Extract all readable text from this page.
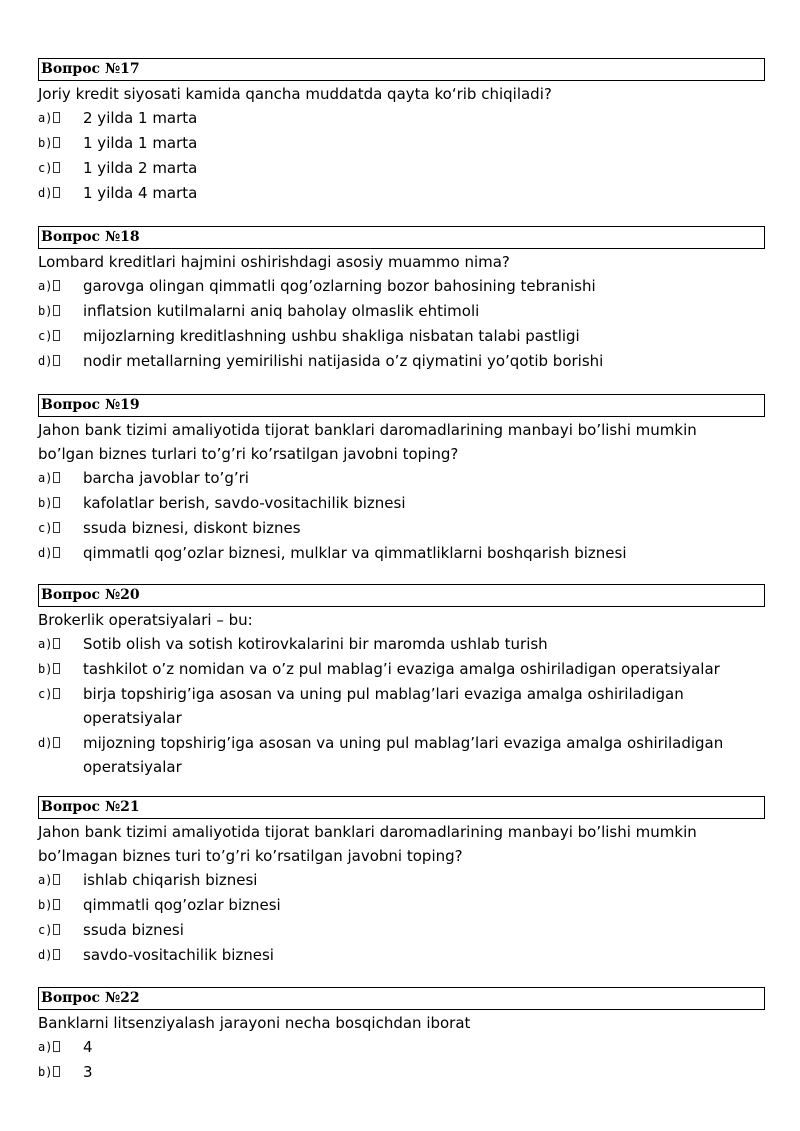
Вопрос №17
Joriy kredit siyosati kamida qancha muddatda qayta ko‘rib chiqiladi?
a)	2 yilda 1 marta
b)	1 yilda 1 marta
c)	1 yilda 2 marta
d)	1 yilda 4 marta
Вопрос №18
Lombard kreditlari hajmini oshirishdagi asosiy muammo nima?
a)	garovga olingan qimmatli qog’ozlarning bozor bahosining tebranishi
b)	inflatsion kutilmalarni aniq baholay olmaslik ehtimoli
c)	mijozlarning kreditlashning ushbu shakliga nisbatan talabi pastligi
d)	nodir metallarning yemirilishi natijasida o’z qiymatini yo’qotib borishi
Вопрос №19
Jahon bank tizimi amaliyotida tijorat banklari daromadlarining manbayi bo’lishi mumkin bo’lgan biznes turlari to’g’ri ko’rsatilgan javobni toping?
a)	barcha javoblar to’g’ri
b)	kafolatlar berish, savdo-vositachilik biznesi
c)	ssuda biznesi, diskont biznes
d)	qimmatli qog’ozlar biznesi, mulklar va qimmatliklarni boshqarish biznesi
Вопрос №20
Brokerlik operatsiyalari – bu:
a)	Sotib olish va sotish kotirovkalarini bir maromda ushlab turish
b)	tashkilot o’z nomidan va o’z pul mablag’i evaziga amalga oshiriladigan operatsiyalar
c)	birja topshirig’iga asosan va uning pul mablag’lari evaziga amalga oshiriladigan operatsiyalar
d)	mijozning topshirig’iga asosan va uning pul mablag’lari evaziga amalga oshiriladigan operatsiyalar
Вопрос №21
Jahon bank tizimi amaliyotida tijorat banklari daromadlarining manbayi bo’lishi mumkin bo’lmagan biznes turi to’g’ri ko’rsatilgan javobni toping?
a)	ishlab chiqarish biznesi
b)	qimmatli qog’ozlar biznesi
c)	ssuda biznesi
d)	savdo-vositachilik biznesi
Вопрос №22
Banklarni litsenziyalash jarayoni necha bosqichdan iborat
a)	4
b)	3
